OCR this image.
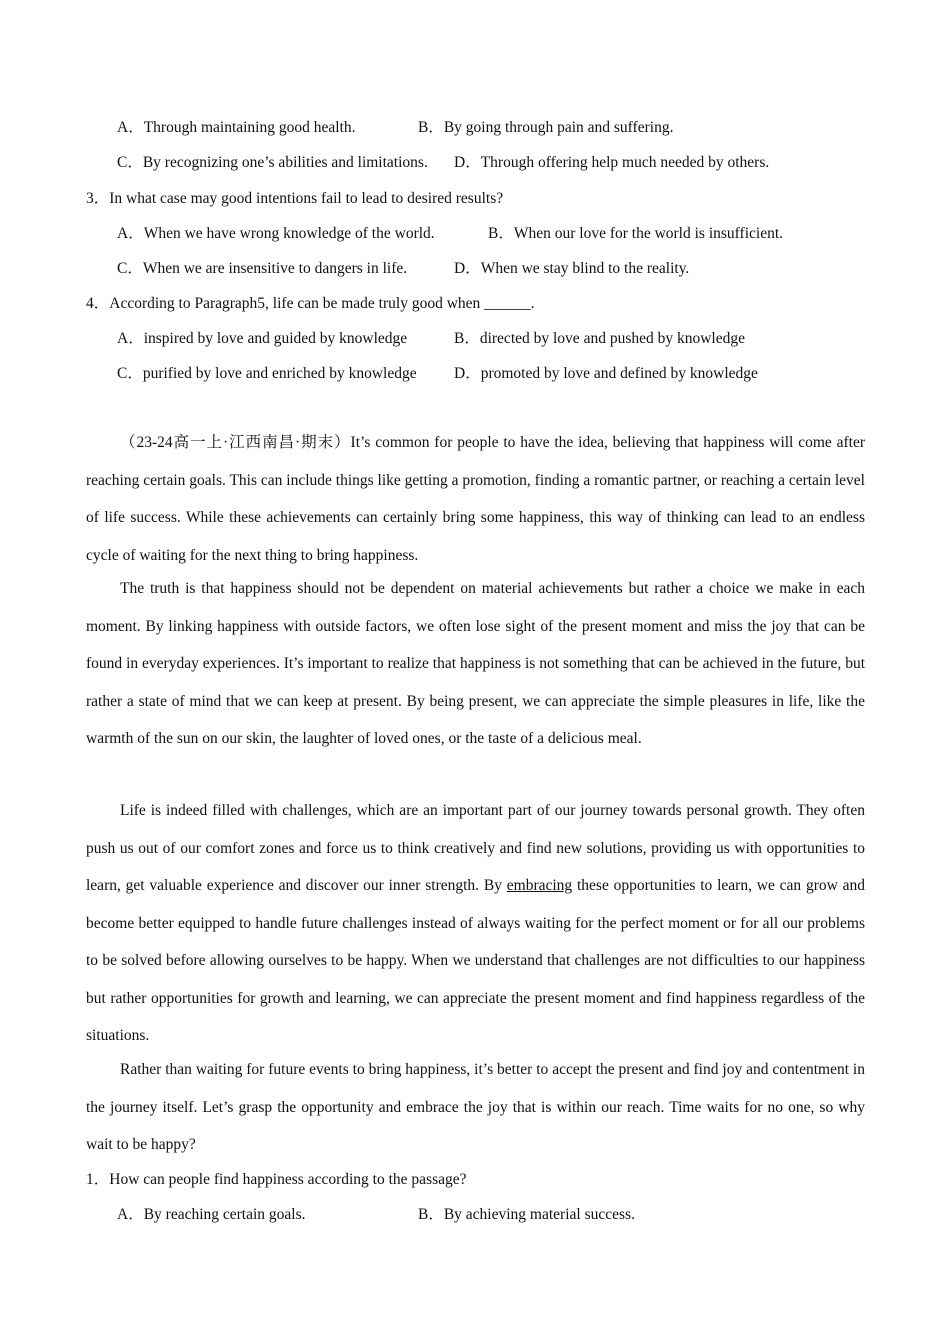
A．Through maintaining good health.	B．By going through pain and suffering.
C．By recognizing one’s abilities and limitations. D．Through offering help much needed by others.
3．In what case may good intentions fail to lead to desired results?
A．When we have wrong knowledge of the world.	B．When our love for the world is insufficient.
C．When we are insensitive to dangers in life.	D．When we stay blind to the reality.
4．According to Paragraph5, life can be made truly good when ______.
A．inspired by love and guided by knowledge	B．directed by love and pushed by knowledge
C．purified by love and enriched by knowledge D．promoted by love and defined by knowledge

（23-24高一上·江西南昌·期末）It’s common for people to have the idea, believing that happiness will come after reaching certain goals. This can include things like getting a promotion, finding a romantic partner, or reaching a certain level of life success. While these achievements can certainly bring some happiness, this way of thinking can lead to an endless cycle of waiting for the next thing to bring happiness.

The truth is that happiness should not be dependent on material achievements but rather a choice we make in each moment. By linking happiness with outside factors, we often lose sight of the present moment and miss the joy that can be found in everyday experiences. It’s important to realize that happiness is not something that can be achieved in the future, but rather a state of mind that we can keep at present. By being present, we can appreciate the simple pleasures in life, like the warmth of the sun on our skin, the laughter of loved ones, or the taste of a delicious meal.

Life is indeed filled with challenges, which are an important part of our journey towards personal growth. They often push us out of our comfort zones and force us to think creatively and find new solutions, providing us with opportunities to learn, get valuable experience and discover our inner strength. By embracing these opportunities to learn, we can grow and become better equipped to handle future challenges instead of always waiting for the perfect moment or for all our problems to be solved before allowing ourselves to be happy. When we understand that challenges are not difficulties to our happiness but rather opportunities for growth and learning, we can appreciate the present moment and find happiness regardless of the situations.

Rather than waiting for future events to bring happiness, it’s better to accept the present and find joy and contentment in the journey itself. Let’s grasp the opportunity and embrace the joy that is within our reach. Time waits for no one, so why wait to be happy?

1．How can people find happiness according to the passage?
A．By reaching certain goals.	B．By achieving material success.
